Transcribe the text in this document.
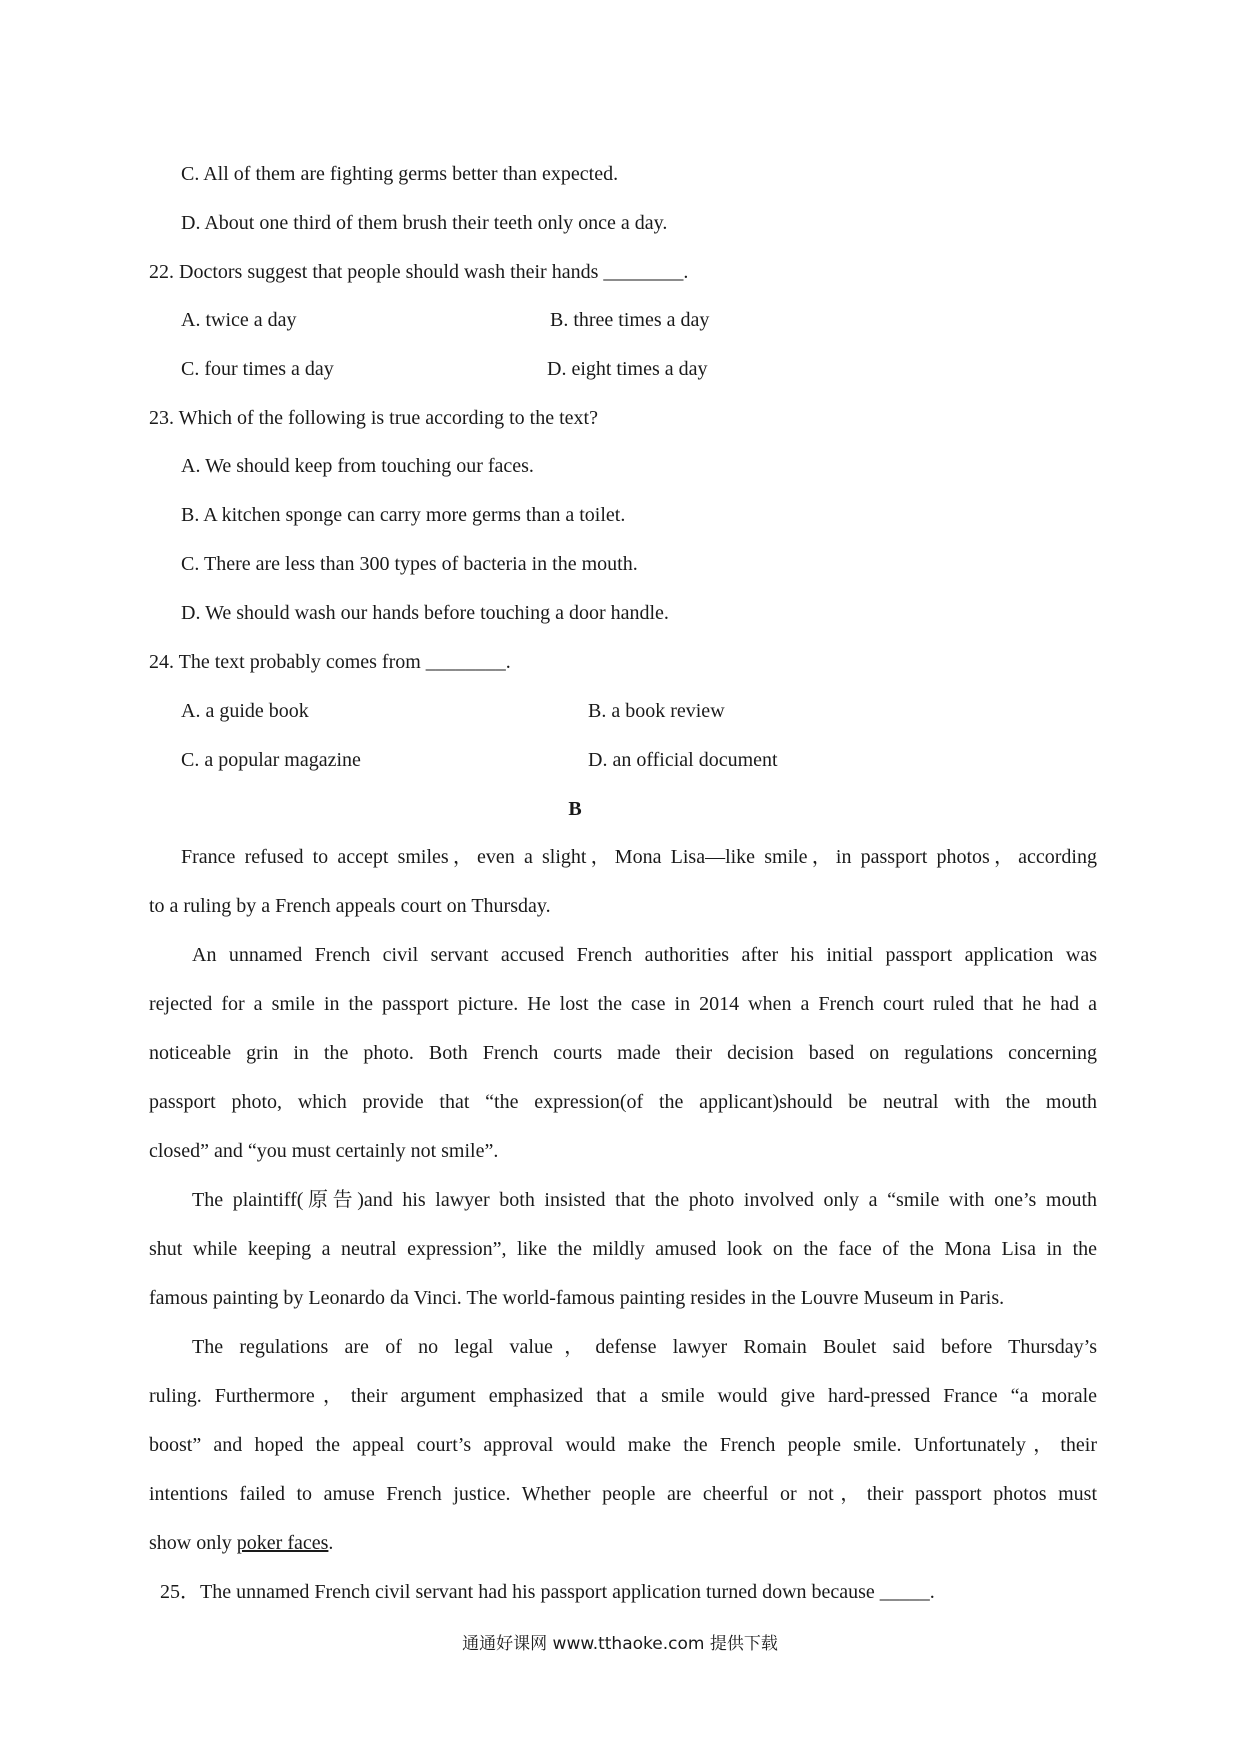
C. All of them are fighting germs better than expected.
D. About one third of them brush their teeth only once a day.
22. Doctors suggest that people should wash their hands ________.
A. twice a day	B. three times a day
C. four times a day	D. eight times a day
23. Which of the following is true according to the text?
A. We should keep from touching our faces.
B. A kitchen sponge can carry more germs than a toilet.
C. There are less than 300 types of bacteria in the mouth.
D. We should wash our hands before touching a door handle.
24. The text probably comes from ________.
A. a guide book	B. a book review
C. a popular magazine	D. an official document
B
France refused to accept smiles，even a slight，Mona Lisa—like smile，in passport photos，according
to a ruling by a French appeals court on Thursday.
An unnamed French civil servant accused French authorities after his initial passport application was
rejected for a smile in the passport picture. He lost the case in 2014 when a French court ruled that he had a
noticeable grin in the photo. Both French courts made their decision based on regulations concerning
passport photo, which provide that “the expression(of the applicant)should be neutral with the mouth
closed” and “you must certainly not smile”.
The plaintiff(原告)and his lawyer both insisted that the photo involved only a “smile with one’s mouth
shut while keeping a neutral expression”, like the mildly amused look on the face of the Mona Lisa in the
famous painting by Leonardo da Vinci. The world-famous painting resides in the Louvre Museum in Paris.
The regulations are of no legal value，defense lawyer Romain Boulet said before Thursday’s
ruling. Furthermore，their argument emphasized that a smile would give hard-pressed France “a morale
boost” and hoped the appeal court’s approval would make the French people smile. Unfortunately，their
intentions failed to amuse French justice. Whether people are cheerful or not，their passport photos must
show only poker faces.
25．The unnamed French civil servant had his passport application turned down because _____.
通通好课网 www.tthaoke.com 提供下载
